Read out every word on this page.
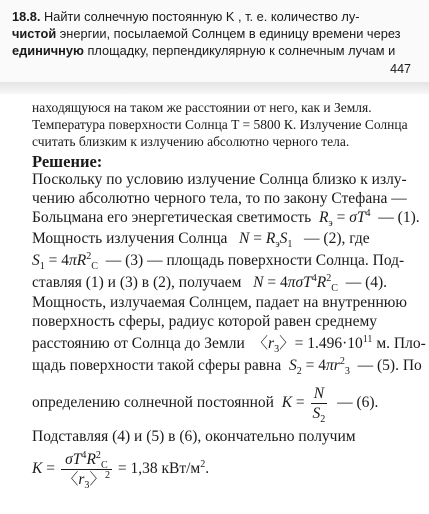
18.8. Найти солнечную постоянную K , т. е. количество лу-
чистой энергии, посылаемой Солнцем в единицу времени через
единичную площадку, перпендикулярную к солнечным лучам и
447
находящуюся на таком же расстоянии от него, как и Земля.
Температура поверхности Солнца T = 5800 К. Излучение Солнца
считать близким к излучению абсолютно черного тела.
Решение:
Поскольку по условию излучение Солнца близко к излу-
чению абсолютно черного тела, то по закону Стефана —
Больцмана его энергетическая светимость $R_э = \sigma T^4$ — (1).
Мощность излучения Солнца $N = R_эS_1$ — (2), где
$S_1 = 4\pi R^2_C$ — (3) — площадь поверхности Солнца. Под-
ставляя (1) и (3) в (2), получаем $N = 4\pi\sigma T^4R^2_C$ — (4).
Мощность, излучаемая Солнцем, падает на внутреннюю
поверхность сферы, радиус которой равен среднему
расстоянию от Солнца до Земли  〈$r_3$〉= $1.496\cdot 10^{11}$ м. Пло-
щадь поверхности такой сферы равна $S_2 = 4\pi r^2_3$ — (5). По
определению солнечной постоянной $K = \frac{N}{S_2}$ — (6).
Подставляя (4) и (5) в (6), окончательно получим
$K = \frac{\sigma T^4R^2_C}{〈r_3〉^2} = 1,38$ кВт/$м^2$.
